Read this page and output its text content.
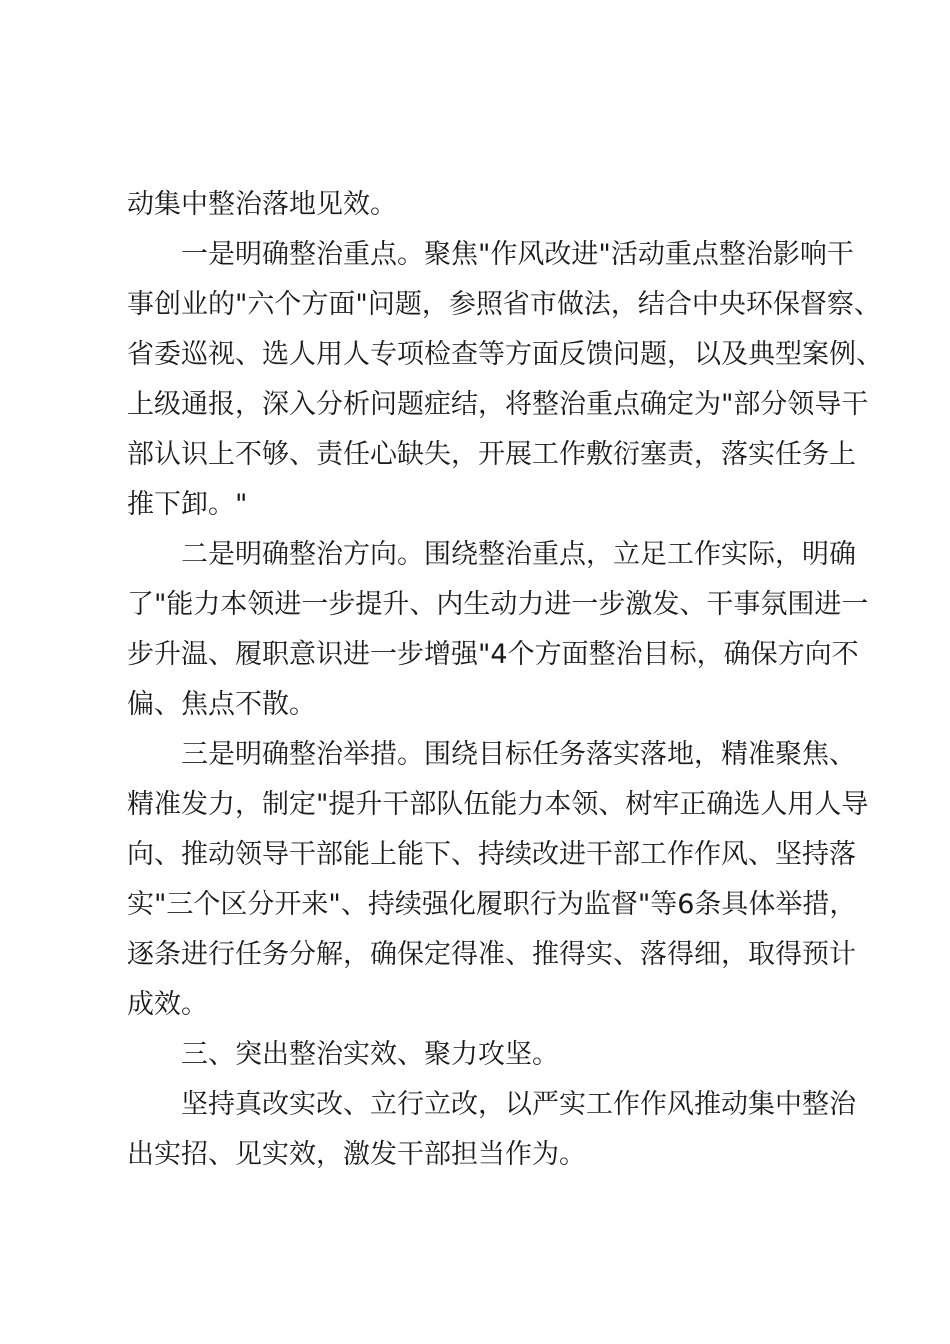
动集中整治落地见效。
一是明确整治重点。聚焦"作风改进"活动重点整治影响干
事创业的"六个方面"问题，参照省市做法，结合中央环保督察、
省委巡视、选人用人专项检查等方面反馈问题，以及典型案例、
上级通报，深入分析问题症结，将整治重点确定为"部分领导干
部认识上不够、责任心缺失，开展工作敷衍塞责，落实任务上
推下卸。"
二是明确整治方向。围绕整治重点，立足工作实际，明确
了"能力本领进一步提升、内生动力进一步激发、干事氛围进一
步升温、履职意识进一步增强"4个方面整治目标，确保方向不
偏、焦点不散。
三是明确整治举措。围绕目标任务落实落地，精准聚焦、
精准发力，制定"提升干部队伍能力本领、树牢正确选人用人导
向、推动领导干部能上能下、持续改进干部工作作风、坚持落
实"三个区分开来"、持续强化履职行为监督"等6条具体举措，
逐条进行任务分解，确保定得准、推得实、落得细，取得预计
成效。
三、突出整治实效、聚力攻坚。
坚持真改实改、立行立改，以严实工作作风推动集中整治
出实招、见实效，激发干部担当作为。
